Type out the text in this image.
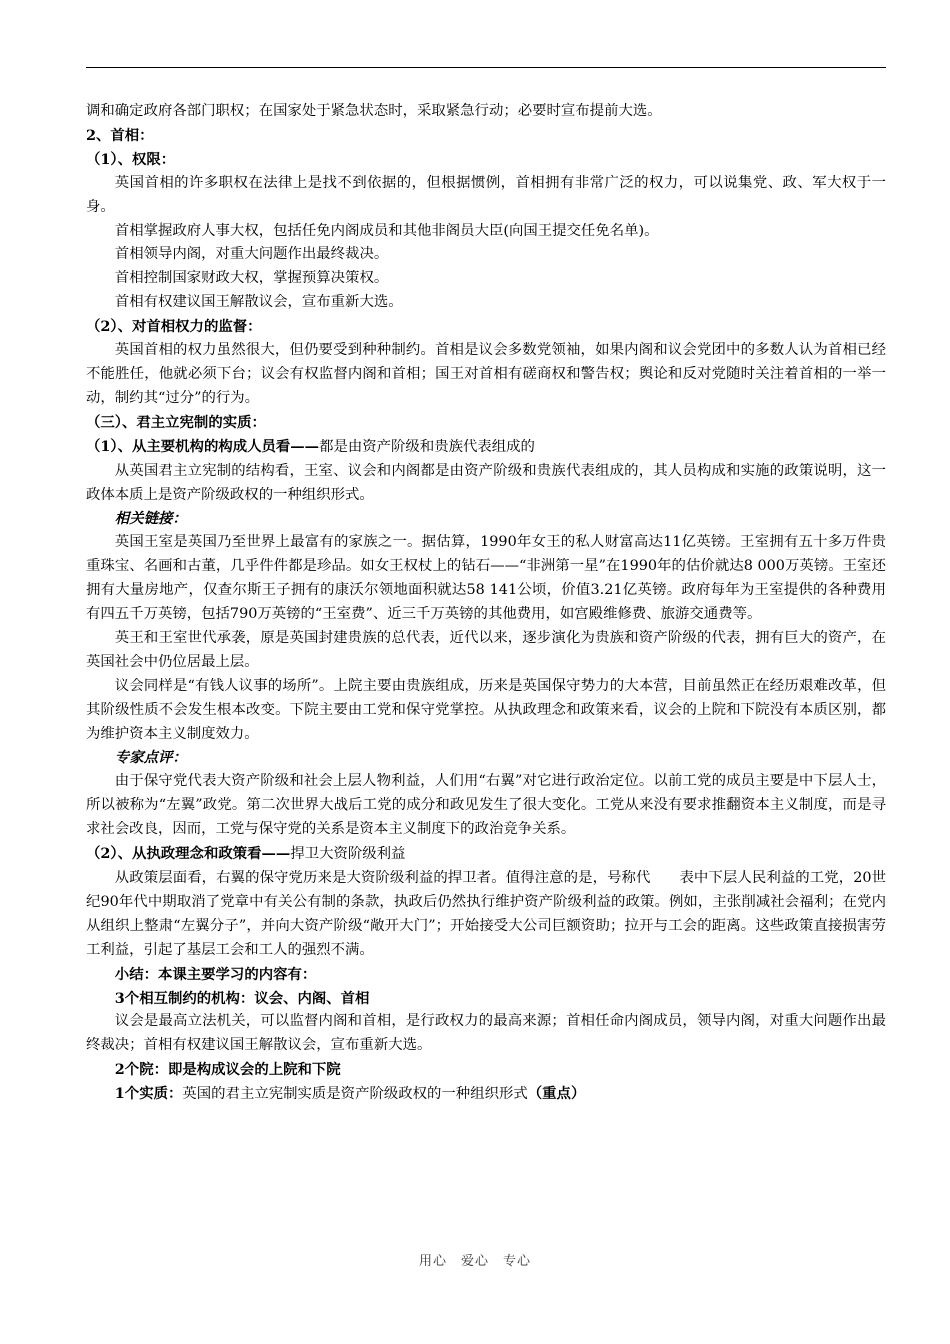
调和确定政府各部门职权；在国家处于紧急状态时，采取紧急行动；必要时宣布提前大选。

2、首相：

（1）、权限：

英国首相的许多职权在法律上是找不到依据的，但根据惯例，首相拥有非常广泛的权力，可以说集党、政、军大权于一身。

首相掌握政府人事大权，包括任免内阁成员和其他非阁员大臣(向国王提交任免名单)。

首相领导内阁，对重大问题作出最终裁决。

首相控制国家财政大权，掌握预算决策权。

首相有权建议国王解散议会，宣布重新大选。

（2）、对首相权力的监督：

英国首相的权力虽然很大，但仍要受到种种制约。首相是议会多数党领袖，如果内阁和议会党团中的多数人认为首相已经不能胜任，他就必须下台；议会有权监督内阁和首相；国王对首相有磋商权和警告权；舆论和反对党随时关注着首相的一举一动，制约其“过分”的行为。

（三）、君主立宪制的实质：

（1）、从主要机构的构成人员看——都是由资产阶级和贵族代表组成的

从英国君主立宪制的结构看，王室、议会和内阁都是由资产阶级和贵族代表组成的，其人员构成和实施的政策说明，这一政体本质上是资产阶级政权的一种组织形式。

相关链接：

英国王室是英国乃至世界上最富有的家族之一。据估算，1990年女王的私人财富高达11亿英镑。王室拥有五十多万件贵重珠宝、名画和古董，几乎件件都是珍品。如女王权杖上的钻石——“非洲第一星”在1990年的估价就达8 000万英镑。王室还拥有大量房地产，仅查尔斯王子拥有的康沃尔领地面积就达58 141公顷，价值3.21亿英镑。政府每年为王室提供的各种费用有四五千万英镑，包括790万英镑的“王室费”、近三千万英镑的其他费用，如宫殿维修费、旅游交通费等。

英王和王室世代承袭，原是英国封建贵族的总代表，近代以来，逐步演化为贵族和资产阶级的代表，拥有巨大的资产，在英国社会中仍位居最上层。

议会同样是“有钱人议事的场所”。上院主要由贵族组成，历来是英国保守势力的大本营，目前虽然正在经历艰难改革，但其阶级性质不会发生根本改变。下院主要由工党和保守党掌控。从执政理念和政策来看，议会的上院和下院没有本质区别，都为维护资本主义制度效力。

专家点评：

由于保守党代表大资产阶级和社会上层人物利益，人们用“右翼”对它进行政治定位。以前工党的成员主要是中下层人士，所以被称为“左翼”政党。第二次世界大战后工党的成分和政见发生了很大变化。工党从来没有要求推翻资本主义制度，而是寻求社会改良，因而，工党与保守党的关系是资本主义制度下的政治竞争关系。

（2）、从执政理念和政策看——捍卫大资阶级利益

从政策层面看，右翼的保守党历来是大资阶级利益的捍卫者。值得注意的是，号称代　　表中下层人民利益的工党，20世纪90年代中期取消了党章中有关公有制的条款，执政后仍然执行维护资产阶级利益的政策。例如，主张削减社会福利；在党内从组织上整肃“左翼分子”，并向大资产阶级“敞开大门”；开始接受大公司巨额资助；拉开与工会的距离。这些政策直接损害劳工利益，引起了基层工会和工人的强烈不满。

小结：本课主要学习的内容有：

3个相互制约的机构：议会、内阁、首相

议会是最高立法机关，可以监督内阁和首相，是行政权力的最高来源；首相任命内阁成员，领导内阁，对重大问题作出最终裁决；首相有权建议国王解散议会，宣布重新大选。

2个院：即是构成议会的上院和下院

1个实质：英国的君主立宪制实质是资产阶级政权的一种组织形式（重点）

用心　爱心　专心
